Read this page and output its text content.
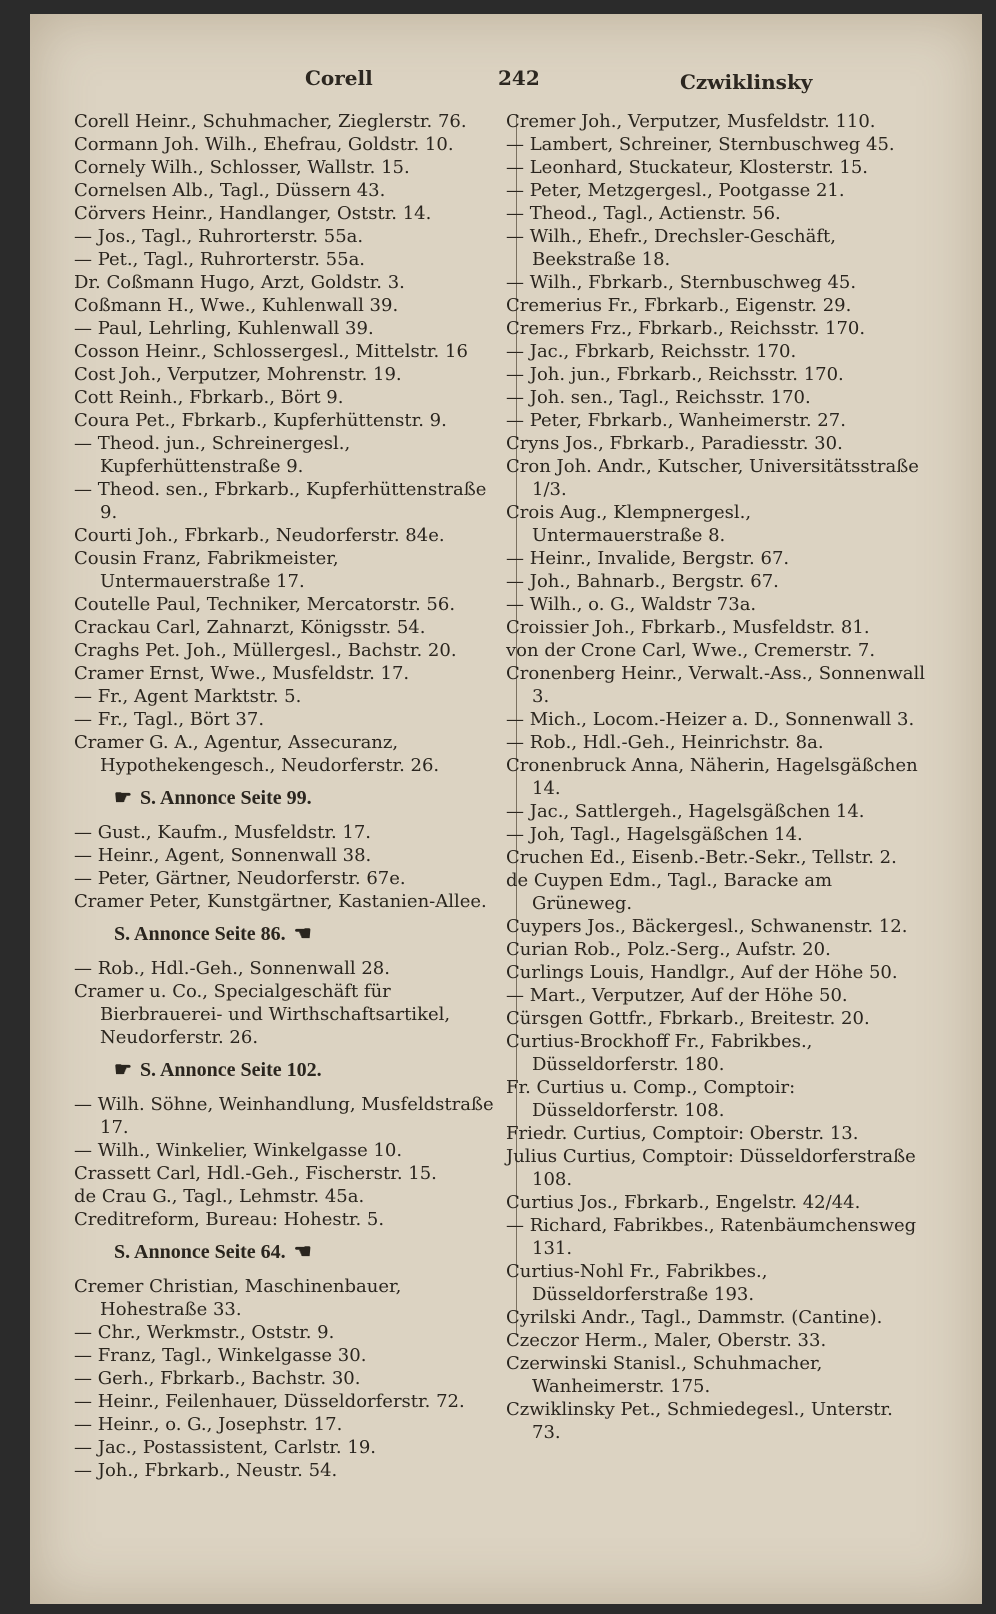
Corell	242	Czwiklinsky
Corell Heinr., Schuhmacher, Zieglerstr. 76.
Cormann Joh. Wilh., Ehefrau, Goldstr. 10.
Cornely Wilh., Schlosser, Wallstr. 15.
Cornelsen Alb., Tagl., Düssern 43.
Cörvers Heinr., Handlanger, Oststr. 14.
— Jos., Tagl., Ruhrorterstr. 55a.
— Pet., Tagl., Ruhrorterstr. 55a.
Dr. Coßmann Hugo, Arzt, Goldstr. 3.
Coßmann H., Wwe., Kuhlenwall 39.
— Paul, Lehrling, Kuhlenwall 39.
Cosson Heinr., Schlossergesl., Mittelstr. 16
Cost Joh., Verputzer, Mohrenstr. 19.
Cott Reinh., Fbrkarb., Bört 9.
Coura Pet., Fbrkarb., Kupferhüttenstr. 9.
— Theod. jun., Schreinergesl., Kupferhüttenstraße 9.
— Theod. sen., Fbrkarb., Kupferhüttenstraße 9.
Courti Joh., Fbrkarb., Neudorferstr. 84e.
Cousin Franz, Fabrikmeister, Untermauerstraße 17.
Coutelle Paul, Techniker, Mercatorstr. 56.
Crackau Carl, Zahnarzt, Königsstr. 54.
Craghs Pet. Joh., Müllergesl., Bachstr. 20.
Cramer Ernst, Wwe., Musfeldstr. 17.
— Fr., Agent Marktstr. 5.
— Fr., Tagl., Bört 37.
Cramer G. A., Agentur, Assecuranz, Hypothekengesch., Neudorferstr. 26.
☛ S. Annonce Seite 99.
— Gust., Kaufm., Musfeldstr. 17.
— Heinr., Agent, Sonnenwall 38.
— Peter, Gärtner, Neudorferstr. 67e.
Cramer Peter, Kunstgärtner, Kastanien-Allee.
S. Annonce Seite 86. ☚
— Rob., Hdl.-Geh., Sonnenwall 28.
Cramer u. Co., Specialgeschäft für Bierbrauerei- und Wirthschaftsartikel, Neudorferstr. 26.
☛ S. Annonce Seite 102.
— Wilh. Söhne, Weinhandlung, Musfeldstraße 17.
— Wilh., Winkelier, Winkelgasse 10.
Crassett Carl, Hdl.-Geh., Fischerstr. 15.
de Crau G., Tagl., Lehmstr. 45a.
Creditreform, Bureau: Hohestr. 5.
S. Annonce Seite 64. ☚
Cremer Christian, Maschinenbauer, Hohestraße 33.
— Chr., Werkmstr., Oststr. 9.
— Franz, Tagl., Winkelgasse 30.
— Gerh., Fbrkarb., Bachstr. 30.
— Heinr., Feilenhauer, Düsseldorferstr. 72.
— Heinr., o. G., Josephstr. 17.
— Jac., Postassistent, Carlstr. 19.
— Joh., Fbrkarb., Neustr. 54.
Cremer Joh., Verputzer, Musfeldstr. 110.
— Lambert, Schreiner, Sternbuschweg 45.
— Leonhard, Stuckateur, Klosterstr. 15.
— Peter, Metzgergesl., Pootgasse 21.
— Theod., Tagl., Actienstr. 56.
— Wilh., Ehefr., Drechsler-Geschäft, Beekstraße 18.
— Wilh., Fbrkarb., Sternbuschweg 45.
Cremerius Fr., Fbrkarb., Eigenstr. 29.
Cremers Frz., Fbrkarb., Reichsstr. 170.
— Jac., Fbrkarb, Reichsstr. 170.
— Joh. jun., Fbrkarb., Reichsstr. 170.
— Joh. sen., Tagl., Reichsstr. 170.
— Peter, Fbrkarb., Wanheimerstr. 27.
Cryns Jos., Fbrkarb., Paradiesstr. 30.
Cron Joh. Andr., Kutscher, Universitätsstraße 1/3.
Crois Aug., Klempnergesl., Untermauerstraße 8.
— Heinr., Invalide, Bergstr. 67.
— Joh., Bahnarb., Bergstr. 67.
— Wilh., o. G., Waldstr 73a.
Croissier Joh., Fbrkarb., Musfeldstr. 81.
von der Crone Carl, Wwe., Cremerstr. 7.
Cronenberg Heinr., Verwalt.-Ass., Sonnenwall 3.
— Mich., Locom.-Heizer a. D., Sonnenwall 3.
— Rob., Hdl.-Geh., Heinrichstr. 8a.
Cronenbruck Anna, Näherin, Hagelsgäßchen 14.
— Jac., Sattlergeh., Hagelsgäßchen 14.
— Joh, Tagl., Hagelsgäßchen 14.
Cruchen Ed., Eisenb.-Betr.-Sekr., Tellstr. 2.
de Cuypen Edm., Tagl., Baracke am Grüneweg.
Cuypers Jos., Bäckergesl., Schwanenstr. 12.
Curian Rob., Polz.-Serg., Aufstr. 20.
Curlings Louis, Handlgr., Auf der Höhe 50.
— Mart., Verputzer, Auf der Höhe 50.
Cürsgen Gottfr., Fbrkarb., Breitestr. 20.
Curtius-Brockhoff Fr., Fabrikbes., Düsseldorferstr. 180.
Fr. Curtius u. Comp., Comptoir: Düsseldorferstr. 108.
Friedr. Curtius, Comptoir: Oberstr. 13.
Julius Curtius, Comptoir: Düsseldorferstraße 108.
Curtius Jos., Fbrkarb., Engelstr. 42/44.
— Richard, Fabrikbes., Ratenbäumchensweg 131.
Curtius-Nohl Fr., Fabrikbes., Düsseldorferstraße 193.
Cyrilski Andr., Tagl., Dammstr. (Cantine).
Czeczor Herm., Maler, Oberstr. 33.
Czerwinski Stanisl., Schuhmacher, Wanheimerstr. 175.
Czwiklinsky Pet., Schmiedegesl., Unterstr. 73.
